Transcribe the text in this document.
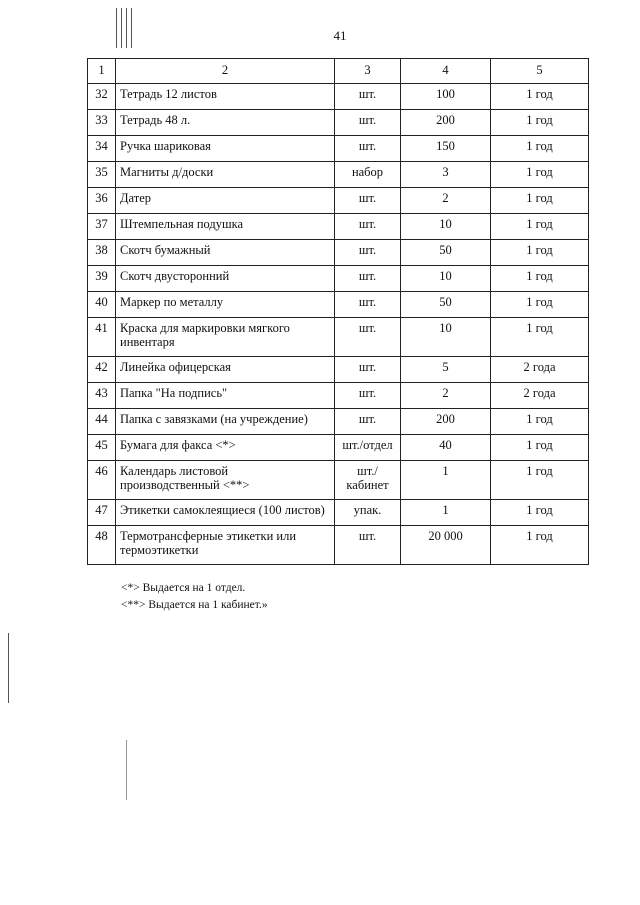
41
1	2	3	4	5
32	Тетрадь 12 листов	шт.	100	1 год
33	Тетрадь 48 л.	шт.	200	1 год
34	Ручка шариковая	шт.	150	1 год
35	Магниты д/доски	набор	3	1 год
36	Датер	шт.	2	1 год
37	Штемпельная подушка	шт.	10	1 год
38	Скотч бумажный	шт.	50	1 год
39	Скотч двусторонний	шт.	10	1 год
40	Маркер по металлу	шт.	50	1 год
41	Краска для маркировки мягкого инвентаря	шт.	10	1 год
42	Линейка офицерская	шт.	5	2 года
43	Папка "На подпись"	шт.	2	2 года
44	Папка с завязками (на учреждение)	шт.	200	1 год
45	Бумага для факса <*>	шт./отдел	40	1 год
46	Календарь листовой производственный <**>	шт./кабинет	1	1 год
47	Этикетки самоклеящиеся (100 листов)	упак.	1	1 год
48	Термотрансферные этикетки или термоэтикетки	шт.	20 000	1 год
<*> Выдается на 1 отдел.
<**> Выдается на 1 кабинет.»
